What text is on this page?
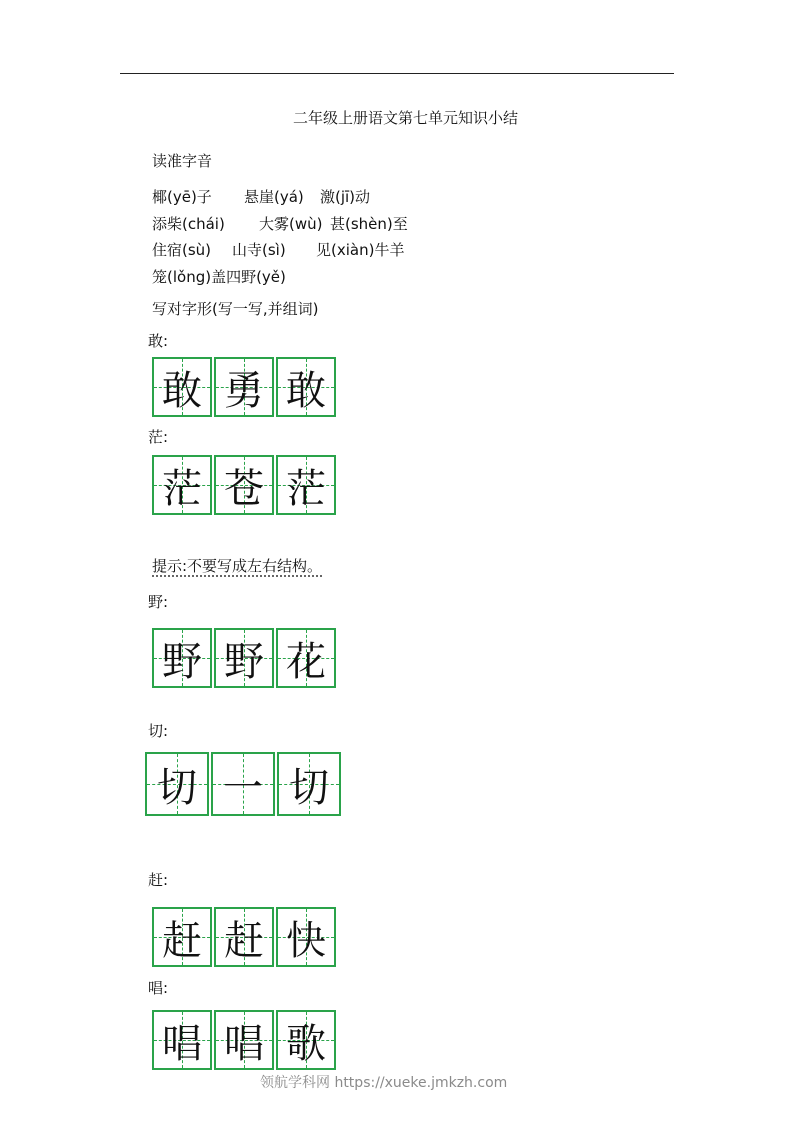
二年级上册语文第七单元知识小结
读准字音
椰(yē)子 悬崖(yá) 激(jī)动
添柴(chái) 大雾(wù) 甚(shèn)至
住宿(sù) 山寺(sì) 见(xiàn)牛羊
笼(lǒng)盖四野(yě)
写对字形(写一写,并组词)
敢:
敢 勇 敢
茫:
茫 苍 茫
提示:不要写成左右结构。
野:
野 野 花
切:
切 一 切
赶:
赶 赶 快
唱:
唱 唱 歌
领航学科网 https://xueke.jmkzh.com
